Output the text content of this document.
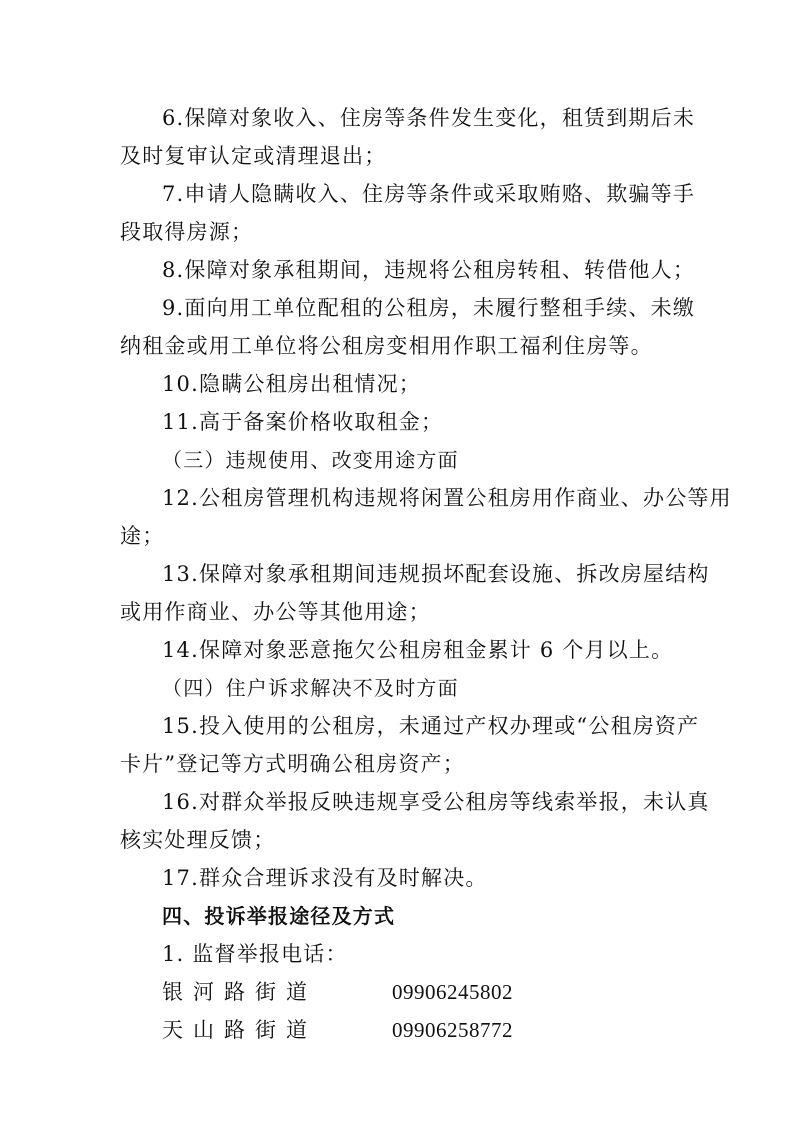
6.保障对象收入、住房等条件发生变化，租赁到期后未
及时复审认定或清理退出；
7.申请人隐瞒收入、住房等条件或采取贿赂、欺骗等手
段取得房源；
8.保障对象承租期间，违规将公租房转租、转借他人；
9.面向用工单位配租的公租房，未履行整租手续、未缴
纳租金或用工单位将公租房变相用作职工福利住房等。
10.隐瞒公租房出租情况；
11.高于备案价格收取租金；
（三）违规使用、改变用途方面
12.公租房管理机构违规将闲置公租房用作商业、办公等用
途；
13.保障对象承租期间违规损坏配套设施、拆改房屋结构
或用作商业、办公等其他用途；
14.保障对象恶意拖欠公租房租金累计 6 个月以上。
（四）住户诉求解决不及时方面
15.投入使用的公租房，未通过产权办理或“公租房资产
卡片”登记等方式明确公租房资产；
16.对群众举报反映违规享受公租房等线索举报，未认真
核实处理反馈；
17.群众合理诉求没有及时解决。
四、投诉举报途径及方式
1. 监督举报电话：
银河路街道	09906245802
天山路街道	09906258772
